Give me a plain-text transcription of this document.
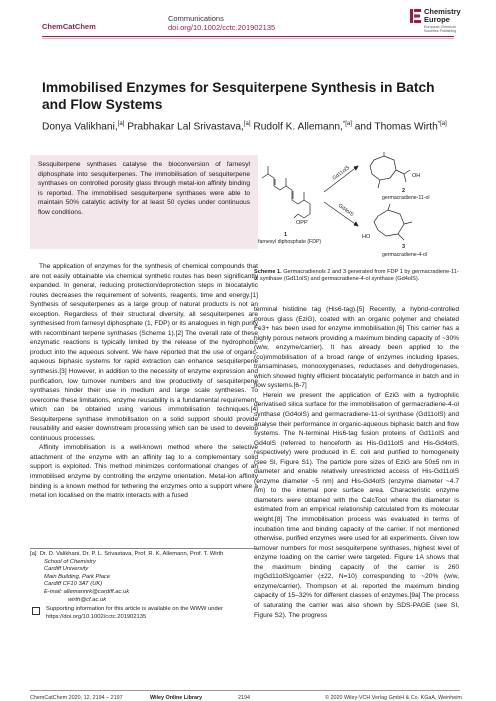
ChemCatChem
Communications
doi.org/10.1002/cctc.201902135
Chemistry
Europe
European Chemical
Societies Publishing
Immobilised Enzymes for Sesquiterpene Synthesis in Batch and Flow Systems
Donya Valikhani,[a] Prabhakar Lal Srivastava,[a] Rudolf K. Allemann,$^{*[a]}$ and Thomas Wirth$^{*[a]}$
Sesquiterpene synthases catalyse the bioconversion of farnesyl diphosphate into sesquiterpenes. The immobilisation of sesquiterpene synthases on controlled porosity glass through metal-ion affinity binding is reported. The immobilised sesquiterpene synthases were able to maintain 50% catalytic activity for at least 50 cycles under continuous flow conditions.
OPP
1
farnesyl diphosphate (FDP)
Gd11olS
Gd4olS
OH
2
germacradiene-11-ol
HO
3
germacradiene-4-ol
Scheme 1. Germacradienols 2 and 3 generated from FDP 1 by germacradiene-11-ol synthase (Gd11olS) and germacradiene-4-ol synthase (Gd4olS).

The application of enzymes for the synthesis of chemical compounds that are not easily obtainable via chemical synthetic routes has been significantly expanded. In general, reducing protection/deprotection steps in biocatalytic routes decreases the requirement of solvents, reagents, time and energy.[1] Synthesis of sesquiterpenes as a large group of natural products is not an exception. Regardless of their structural diversity, all sesquiterpenes are synthesised from farnesyl diphosphate (1, FDP) or its analogues in high purity with recombinant terpene synthases (Scheme 1).[2] The overall rate of these enzymatic reactions is typically limited by the release of the hydrophobic product into the aqueous solvent. We have reported that the use of organic-aqueous biphasic systems for rapid extraction can enhance sesquiterpene synthesis.[3] However, in addition to the necessity of enzyme expression and purification, low turnover numbers and low productivity of sesquiterpene synthases hinder their use in medium and large scale syntheses. To overcome these limitations, enzyme reusability is a fundamental requirement, which can be obtained using various immobilisation techniques.[4] Sesquiterpene synthase immobilisation on a solid support should provide reusability and easier downstream processing which can be used to develop continuous processes.

Affinity immobilisation is a well-known method where the selective attachment of the enzyme with an affinity tag to a complementary solid support is exploited. This method minimizes conformational changes of an immobilised enzyme by controlling the enzyme orientation. Metal-ion affinity binding is a known method for tethering the enzymes onto a support where a metal ion localised on the matrix interacts with a fused

terminal histidine tag (His6-tag).[5] Recently, a hybrid-controlled porous glass (EziG), coated with an organic polymer and chelated Fe3+ has been used for enzyme immobilisation.[6] This carrier has a highly porous network providing a maximum binding capacity of ~30% (w/w, enzyme/carrier). It has already been applied to the (co)immobilisation of a broad range of enzymes including lipases, transaminases, monooxygenases, reductases and dehydrogenases, which showed highly efficient biocatalytic performance in batch and in flow systems.[6-7]

Herein we present the application of EziG with a hydrophilic derivatised silica surface for the immobilisation of germacradiene-4-ol synthase (Gd4olS) and germacradiene-11-ol synthase (Gd11olS) and analyse their performance in organic-aqueous biphasic batch and flow systems. The N-terminal His6-tag fusion proteins of Gd11olS and Gd4olS (referred to henceforth as His-Gd11olS and His-Gd4olS, respectively) were produced in E. coli and purified to homogeneity (see SI, Figure S1). The particle pore sizes of EziG are 50±5 nm in diameter and enable relatively unrestricted access of His-Gd11olS (enzyme diameter ~5 nm) and His-Gd4olS (enzyme diameter ~4.7 nm) to the internal pore surface area. Characteristic enzyme diameters were obtained with the CalcTool where the diameter is estimated from an empirical relationship calculated from its molecular weight.[8] The immobilisation process was evaluated in terms of incubation time and binding capacity of the carrier. If not mentioned otherwise, purified enzymes were used for all experiments. Given low turnover numbers for most sesquiterpene synthases, highest level of enzyme loading on the carrier were targeted. Figure 1A shows that the maximum binding capacity of the carrier is 260 mgGd11olS/gcarrier (±22, N=10) corresponding to ~20% (w/w, enzyme/carrier). Thompson et al. reported the maximum binding capacity of 15–32% for different classes of enzymes.[9a] The process of saturating the carrier was also shown by SDS-PAGE (see SI, Figure S2). The progress

[a] Dr. D. Valikhani, Dr. P. L. Srivastava, Prof. R. K. Allemann, Prof. T. Wirth
School of Chemistry
Cardiff University
Main Building, Park Place
Cardiff CF10 3AT (UK)
E-mail: allemannrk@cardiff.ac.uk
wirth@cf.ac.uk
Supporting information for this article is available on the WWW under https://doi.org/10.1002/cctc.201902135
ChemCatChem 2020, 12, 2194 – 2197	Wiley Online Library	2194	© 2020 Wiley-VCH Verlag GmbH & Co. KGaA, Weinheim
